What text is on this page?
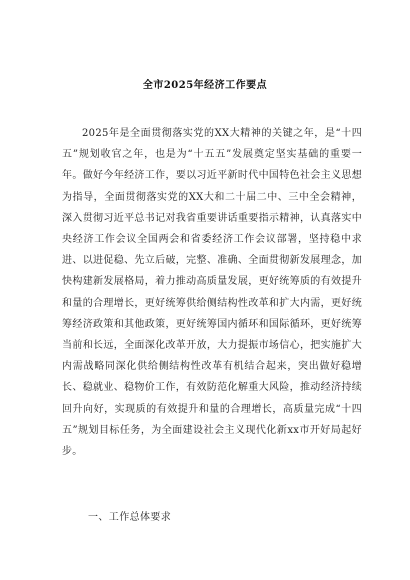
全市2025年经济工作要点

2025年是全面贯彻落实党的XX大精神的关键之年，是“十四五”规划收官之年，也是为“十五五”发展奠定坚实基础的重要一年。做好今年经济工作，要以习近平新时代中国特色社会主义思想为指导，全面贯彻落实党的XX大和二十届二中、三中全会精神，深入贯彻习近平总书记对我省重要讲话重要指示精神，认真落实中央经济工作会议全国两会和省委经济工作会议部署，坚持稳中求进、以进促稳、先立后破，完整、准确、全面贯彻新发展理念，加快构建新发展格局，着力推动高质量发展，更好统筹质的有效提升和量的合理增长，更好统筹供给侧结构性改革和扩大内需，更好统筹经济政策和其他政策，更好统筹国内循环和国际循环，更好统筹当前和长远，全面深化改革开放，大力提振市场信心，把实施扩大内需战略同深化供给侧结构性改革有机结合起来，突出做好稳增长、稳就业、稳物价工作，有效防范化解重大风险，推动经济持续回升向好，实现质的有效提升和量的合理增长，高质量完成“十四五”规划目标任务，为全面建设社会主义现代化新xx市开好局起好步。

一、工作总体要求
